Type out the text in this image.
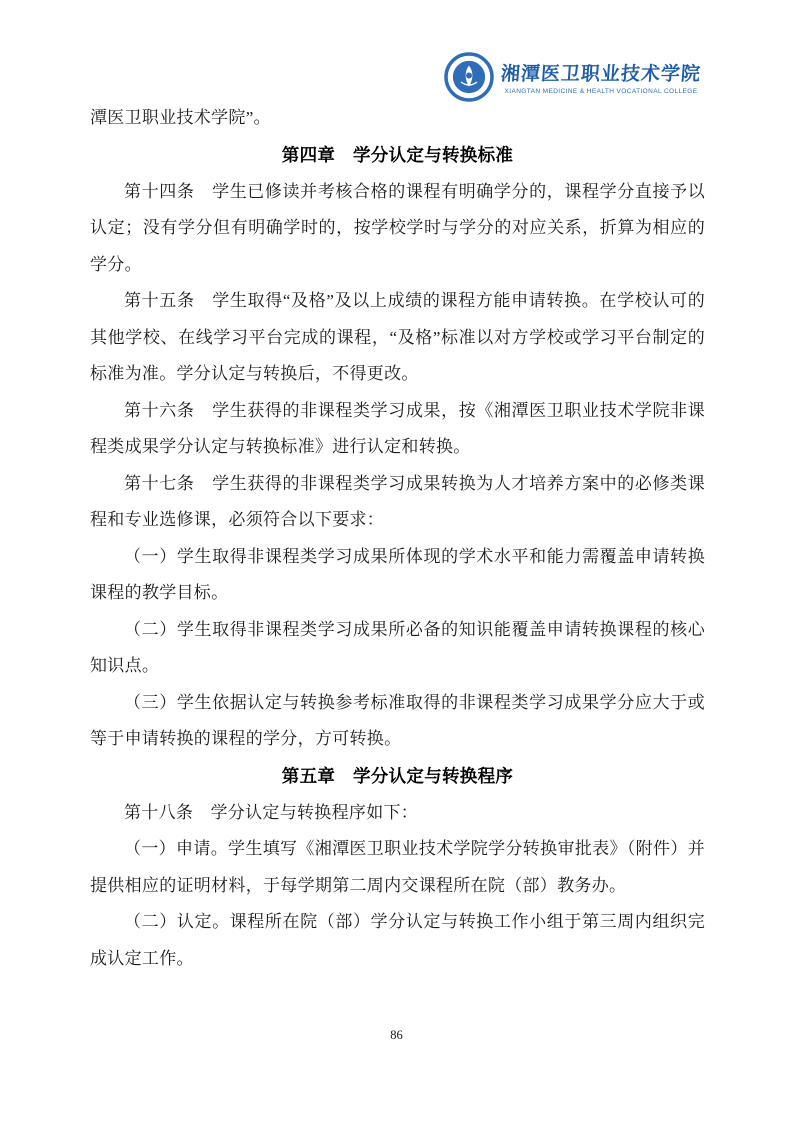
湘潭医卫职业技术学院
XIANGTAN MEDICINE & HEALTH VOCATIONAL COLLEGE

潭医卫职业技术学院”。

第四章　学分认定与转换标准

第十四条　学生已修读并考核合格的课程有明确学分的，课程学分直接予以认定；没有学分但有明确学时的，按学校学时与学分的对应关系，折算为相应的学分。

第十五条　学生取得“及格”及以上成绩的课程方能申请转换。在学校认可的其他学校、在线学习平台完成的课程，“及格”标准以对方学校或学习平台制定的标准为准。学分认定与转换后，不得更改。

第十六条　学生获得的非课程类学习成果，按《湘潭医卫职业技术学院非课程类成果学分认定与转换标准》进行认定和转换。

第十七条　学生获得的非课程类学习成果转换为人才培养方案中的必修类课程和专业选修课，必须符合以下要求：

（一）学生取得非课程类学习成果所体现的学术水平和能力需覆盖申请转换课程的教学目标。

（二）学生取得非课程类学习成果所必备的知识能覆盖申请转换课程的核心知识点。

（三）学生依据认定与转换参考标准取得的非课程类学习成果学分应大于或等于申请转换的课程的学分，方可转换。

第五章　学分认定与转换程序

第十八条　学分认定与转换程序如下：

（一）申请。学生填写《湘潭医卫职业技术学院学分转换审批表》（附件）并提供相应的证明材料，于每学期第二周内交课程所在院（部）教务办。

（二）认定。课程所在院（部）学分认定与转换工作小组于第三周内组织完成认定工作。

86
